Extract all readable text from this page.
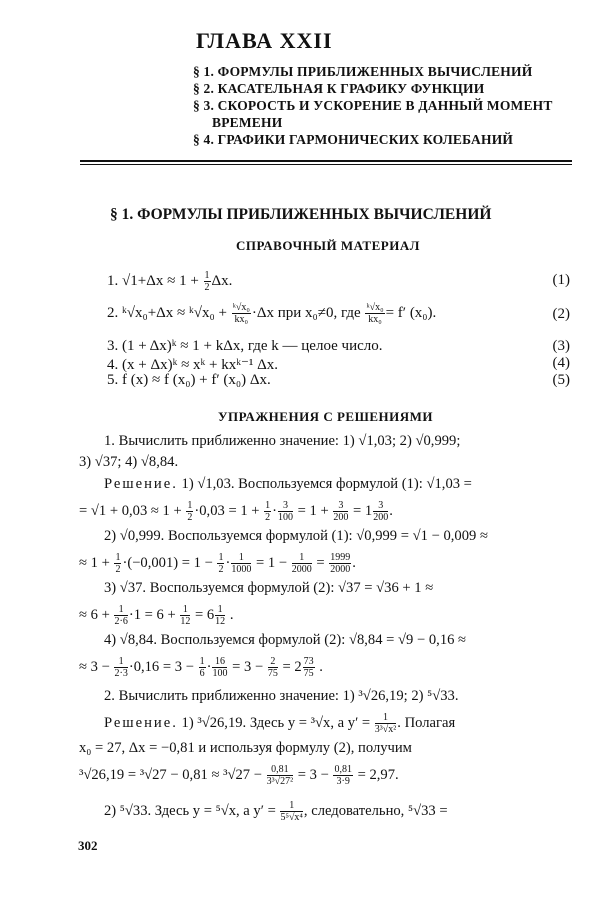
ГЛАВА XXII
§ 1. ФОРМУЛЫ ПРИБЛИЖЕННЫХ ВЫЧИСЛЕНИЙ
§ 2. КАСАТЕЛЬНАЯ К ГРАФИКУ ФУНКЦИИ
§ 3. СКОРОСТЬ И УСКОРЕНИЕ В ДАННЫЙ МОМЕНТ
ВРЕМЕНИ
§ 4. ГРАФИКИ ГАРМОНИЧЕСКИХ КОЛЕБАНИЙ
§ 1. ФОРМУЛЫ ПРИБЛИЖЕННЫХ ВЫЧИСЛЕНИЙ
СПРАВОЧНЫЙ МАТЕРИАЛ
1. $√1+\Delta x \approx 1 + \frac{1}{2} \Delta x$.	(1)
2. ᵏ√x₀+Δx ≈ ᵏ√x₀ + $\frac{\text{ᵏ√x₀}}{\text{kx₀}} \cdot\Delta x$ при x₀≠0, где $\frac{\text{ᵏ√x₀}}{\text{kx₀}} = f'$ (x₀).	(2)
3. (1 + Δx)ᵏ ≈ 1 + kΔx, где k — целое число.	(3)
4. (x + Δx)ᵏ ≈ xᵏ + kxᵏ⁻¹ Δx.	(4)
5. f (x) ≈ f (x₀) + f′ (x₀) Δx.	(5)
УПРАЖНЕНИЯ С РЕШЕНИЯМИ
1. Вычислить приближенно значение: 1) √1,03; 2) √0,999;
3) √37; 4) √8,84.
Решение. 1) √1,03. Воспользуемся формулой (1): √1,03 =
= $√1 + 0,03 \approx 1 + \frac{1}{2} \cdot 0,03 = 1 + \frac{1}{2} \cdot \frac{3}{100} = 1 + \frac{3}{200} = 1 \frac{3}{200}$ .
2) √0,999. Воспользуемся формулой (1): √0,999 = √1 − 0,009 ≈
≈ $1 + \frac{1}{2} \cdot(-0,001) = 1 - \frac{1}{2} \cdot \frac{1}{1000} = 1 - \frac{1}{2000} = \frac{1999}{2000}$ .
3) √37. Воспользуемся формулой (2): √37 = √36 + 1 ≈
≈ $6 + \frac{1}{2\cdot 6} \cdot 1 = 6 + \frac{1}{12} = 6 \frac{1}{12}$ .
4) √8,84. Воспользуемся формулой (2): √8,84 = √9 − 0,16 ≈
≈ $3 - \frac{1}{2\cdot 3} \cdot 0,16 = 3 - \frac{1}{6} \cdot \frac{16}{100} = 3 - \frac{2}{75} = 2 \frac{73}{75}$ .
2. Вычислить приближенно значение: 1) ³√26,19; 2) ⁵√33.
Решение. 1) ³√26,19. Здесь y = ³√x, а $y' = \frac{1}{\text{3³√x²}}$ . Полагая
x₀ = 27, Δx = −0,81 и используя формулу (2), получим
$^3√26,19 = ^3√27 - 0,81 \approx ^3√27 - \frac{0,81}{\text{3³√27²}} = 3 - \frac{0,81}{3\cdot 9} = 2,97$.
2) ⁵√33. Здесь y = ⁵√x, а $y' = \frac{1}{\text{5⁵√x⁴}}$ , следовательно, ⁵√33 =
302
